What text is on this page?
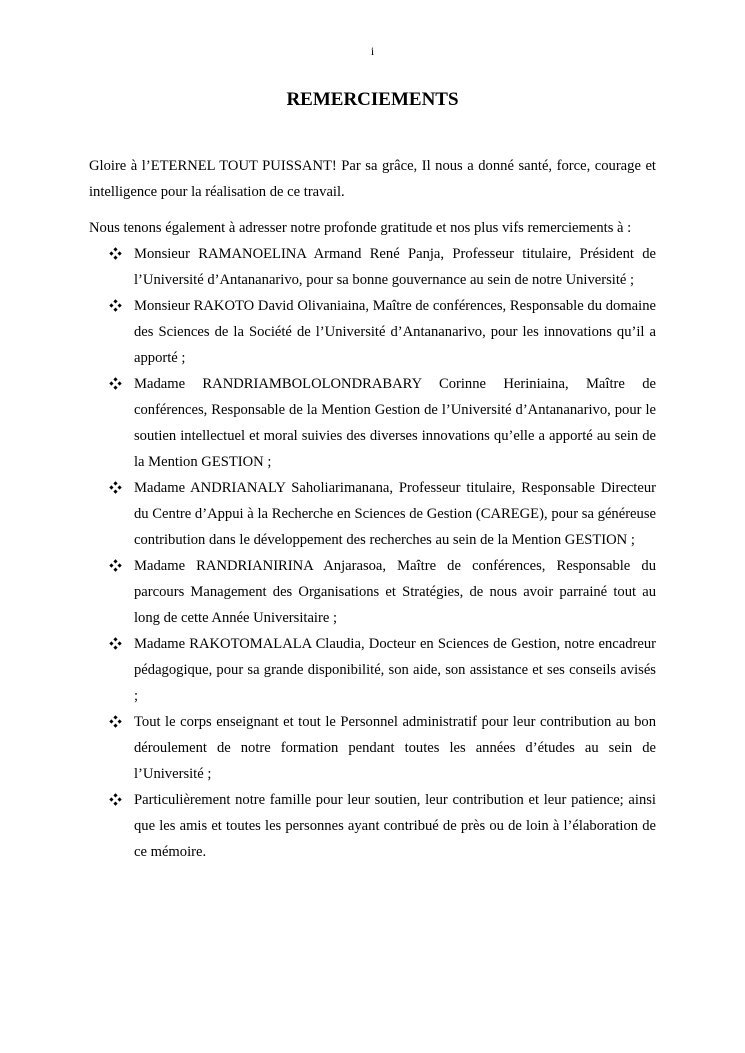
i
REMERCIEMENTS

Gloire à l’ETERNEL TOUT PUISSANT! Par sa grâce, Il nous a donné santé, force, courage et intelligence pour la réalisation de ce travail.

Nous tenons également à adresser notre profonde gratitude et nos plus vifs remerciements à :

Monsieur RAMANOELINA Armand René Panja, Professeur titulaire, Président de l’Université d’Antananarivo, pour sa bonne gouvernance au sein de notre Université ;
Monsieur RAKOTO David Olivaniaina, Maître de conférences, Responsable du domaine des Sciences de la Société de l’Université d’Antananarivo, pour les innovations qu’il a apporté ;
Madame RANDRIAMBOLOLONDRABARY Corinne Heriniaina, Maître de conférences, Responsable de la Mention Gestion de l’Université d’Antananarivo, pour le soutien intellectuel et moral suivies des diverses innovations qu’elle a apporté au sein de la Mention GESTION ;
Madame ANDRIANALY Saholiarimanana, Professeur titulaire, Responsable Directeur du Centre d’Appui à la Recherche en Sciences de Gestion (CAREGE), pour sa généreuse contribution dans le développement des recherches au sein de la Mention GESTION ;
Madame RANDRIANIRINA Anjarasoa, Maître de conférences, Responsable du parcours Management des Organisations et Stratégies, de nous avoir parrainé tout au long de cette Année Universitaire ;
Madame RAKOTOMALALA Claudia, Docteur en Sciences de Gestion, notre encadreur pédagogique, pour sa grande disponibilité, son aide, son assistance et ses conseils avisés ;
Tout le corps enseignant et tout le Personnel administratif pour leur contribution au bon déroulement de notre formation pendant toutes les années d’études au sein de l’Université ;
Particulièrement notre famille pour leur soutien, leur contribution et leur patience; ainsi que les amis et toutes les personnes ayant contribué de près ou de loin à l’élaboration de ce mémoire.
